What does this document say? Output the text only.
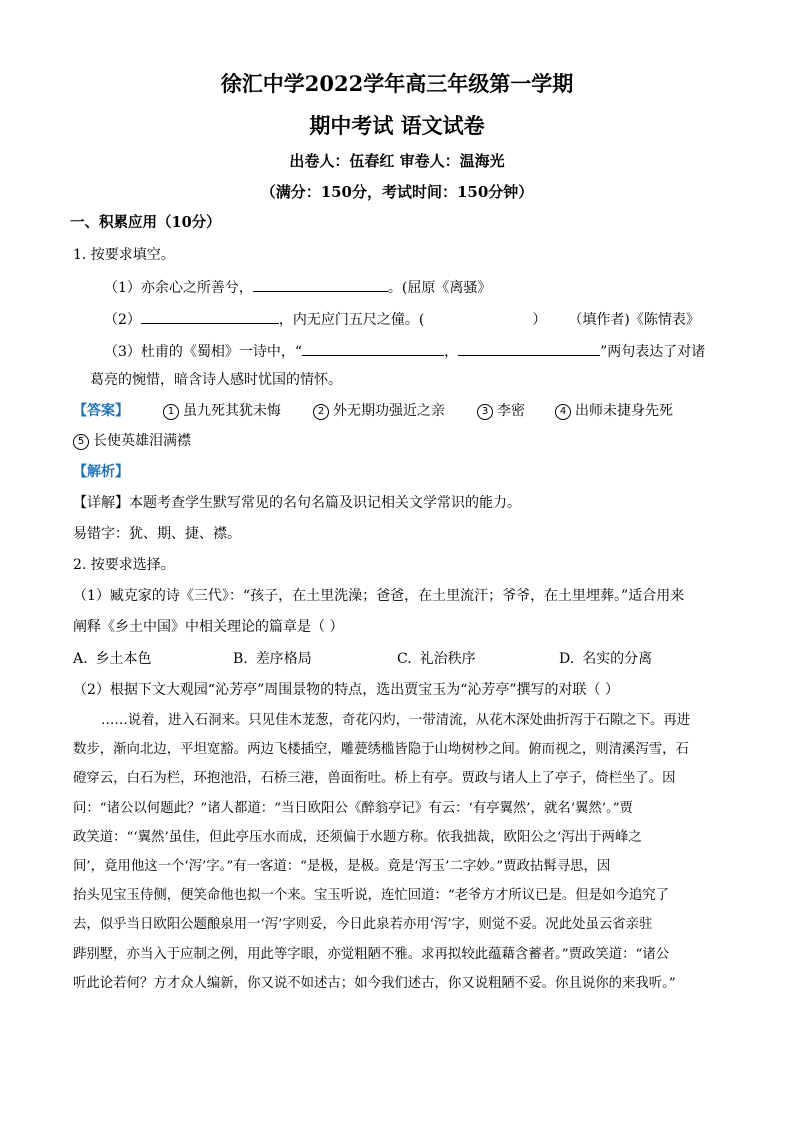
徐汇中学2022学年高三年级第一学期
期中考试 语文试卷
出卷人：伍春红 审卷人：温海光
（满分：150分，考试时间：150分钟）
一、积累应用（10分）
1. 按要求填空。
（1）亦余心之所善兮，	。(屈原《离骚》
（2）	，内无应门五尺之僮。(	） （填作者)《陈情表》
（3）杜甫的《蜀相》一诗中，“	，	”两句表达了对诸
葛亮的惋惜，暗含诗人感时忧国的情怀。
【答案】	1 虽九死其犹未悔	2 外无期功强近之亲	3 李密	4 出师未捷身先死
5 长使英雄泪满襟
【解析】
【详解】本题考查学生默写常见的名句名篇及识记相关文学常识的能力。
易错字：犹、期、捷、襟。
2. 按要求选择。
（1）臧克家的诗《三代》：“孩子，在土里洗澡；爸爸，在土里流汗；爷爷，在土里埋葬。”适合用来
阐释《乡土中国》中相关理论的篇章是（ ）
A. 乡土本色	B. 差序格局	C. 礼治秩序	D. 名实的分离
（2）根据下文大观园“沁芳亭”周围景物的特点，选出贾宝玉为“沁芳亭”撰写的对联（ ）
……说着，进入石洞来。只见佳木茏葱，奇花闪灼，一带清流，从花木深处曲折泻于石隙之下。再进
数步，渐向北边，平坦宽豁。两边飞楼插空，雕甍绣槛皆隐于山坳树杪之间。俯而视之，则清溪泻雪，石
磴穿云，白石为栏，环抱池沿，石桥三港，兽面衔吐。桥上有亭。贾政与诸人上了亭子，倚栏坐了。因
问：“诸公以何题此？”诸人都道：“当日欧阳公《醉翁亭记》有云：‘有亭翼然’，就名‘翼然’。”贾
政笑道：“‘翼然’虽佳，但此亭压水而成，还须偏于水题方称。依我拙裁，欧阳公之‘泻出于两峰之
间’，竟用他这一个‘泻’字。”有一客道：“是极，是极。竟是‘泻玉’二字妙。”贾政拈髯寻思，因
抬头见宝玉侍侧，便笑命他也拟一个来。宝玉听说，连忙回道：“老爷方才所议已是。但是如今追究了
去，似乎当日欧阳公题酿泉用一‘泻’字则妥，今日此泉若亦用‘泻’字，则觉不妥。况此处虽云省亲驻
跸别墅，亦当入于应制之例，用此等字眼，亦觉粗陋不雅。求再拟较此蕴藉含蓄者。”贾政笑道：“诸公
听此论若何？方才众人编新，你又说不如述古；如今我们述古，你又说粗陋不妥。你且说你的来我听。”
